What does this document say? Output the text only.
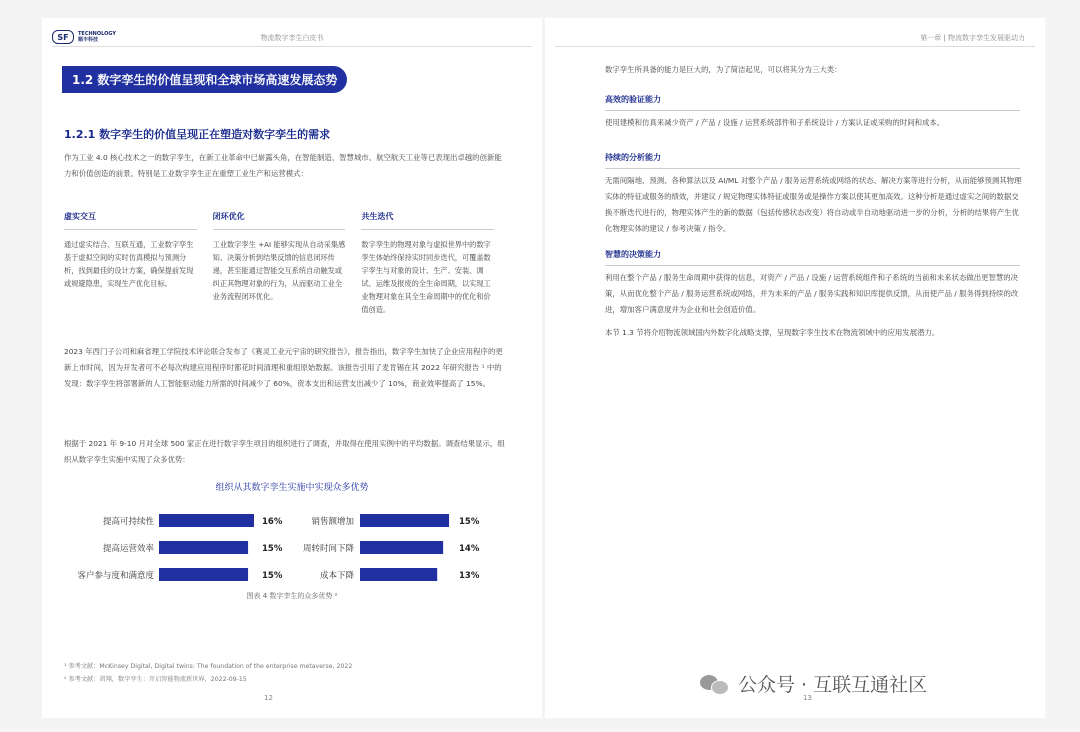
SF	TECHNOLOGY
顺丰科技	物流数字孪生白皮书
1.2 数字孪生的价值呈现和全球市场高速发展态势
1.2.1 数字孪生的价值呈现正在塑造对数字孪生的需求
作为工业 4.0 核心技术之一的数字孪生，在新工业革命中已崭露头角，在智能制造、智慧城市、航空航天工业等已表现出卓越的创新能力和价值创造的前景。特别是工业数字孪生正在重塑工业生产和运营模式：
虚实交互
通过虚实结合、互联互通，工业数字孪生基于虚拟空间的实时仿真模拟与预测分析，找到最佳的设计方案，确保提前发现或规避隐患，实现生产优化目标。
闭环优化
工业数字孪生 +AI 能够实现从自动采集感知、决策分析到结果反馈的信息闭环传递，甚至能通过智能交互系统自动触发或纠正其物理对象的行为，从而驱动工业全业务流程闭环优化。
共生迭代
数字孪生的物理对象与虚拟世界中的数字孪生体始终保持实时同步迭代，可覆盖数字孪生与对象的设计、生产、安装、调试、运维及报废的全生命周期，以实现工业物理对象在其全生命周期中的优化和价值创造。
2023 年西门子公司和麻省理工学院技术评论联合发布了《赛灵工业元宇宙的研究报告》，报告指出，数字孪生加快了企业应用程序的更新上市时间，因为开发者可不必每次构建应用程序时都花时间清理和重组原始数据。该报告引用了麦肯锡在其 2022 年研究报告 ¹ 中的发现：数字孪生将部署新的人工智能驱动能力所需的时间减少了 60%，资本支出和运营支出减少了 10%，商业效率提高了 15%。
根据于 2021 年 9-10 月对全球 500 家正在进行数字孪生项目的组织进行了调查，并取得在使用实例中的平均数据。调查结果显示，组织从数字孪生实施中实现了众多优势：
组织从其数字孪生实施中实现众多优势
提高可持续性	16%
提高运营效率	15%
客户参与度和满意度	15%
销售额增加	15%
周转时间下降	14%
成本下降	13%
图表 4 数字孪生的众多优势 ²
¹ 参考文献：McKinsey Digital, Digital twins: The foundation of the enterprise metaverse, 2022
² 参考文献：胡翔，数字孪生：开启智能物流新世界，2022-09-15
12
第一章 | 物流数字孪生发展驱动力
数字孪生所具备的能力是巨大的，为了简洁起见，可以将其分为三大类：
高效的验证能力
使用建模和仿真来减少资产 / 产品 / 设施 / 运营系统部件和子系统设计 / 方案认证或采购的时间和成本。
持续的分析能力
无需间隔地、预测、各种算法以及 AI/ML 对整个产品 / 服务运营系统或网络的状态、解决方案等进行分析，从而能够预测其物理实体的特征或服务的绩效，并建议 / 规定物理实体特征或服务或是操作方案以使其更加高效。这种分析是通过虚实之间的数据交换不断迭代进行的，物理实体产生的新的数据（包括传感状态改变）将自动或半自动地驱动进一步的分析，分析的结果将产生优化物理实体的建议 / 参考决策 / 指令。
智慧的决策能力
利用在整个产品 / 服务生命周期中获得的信息，对资产 / 产品 / 设施 / 运营系统组件和子系统的当前和未来状态做出更智慧的决策，从而优化整个产品 / 服务运营系统或网络，并为未来的产品 / 服务实践和知识库提供反馈，从而使产品 / 服务得到持续的改进，增加客户满意度并为企业和社会创造价值。
本节 1.3 节将介绍物流领域国内外数字化战略支撑，呈现数字孪生技术在物流领域中的应用发展潜力。
13
公众号 · 互联互通社区
